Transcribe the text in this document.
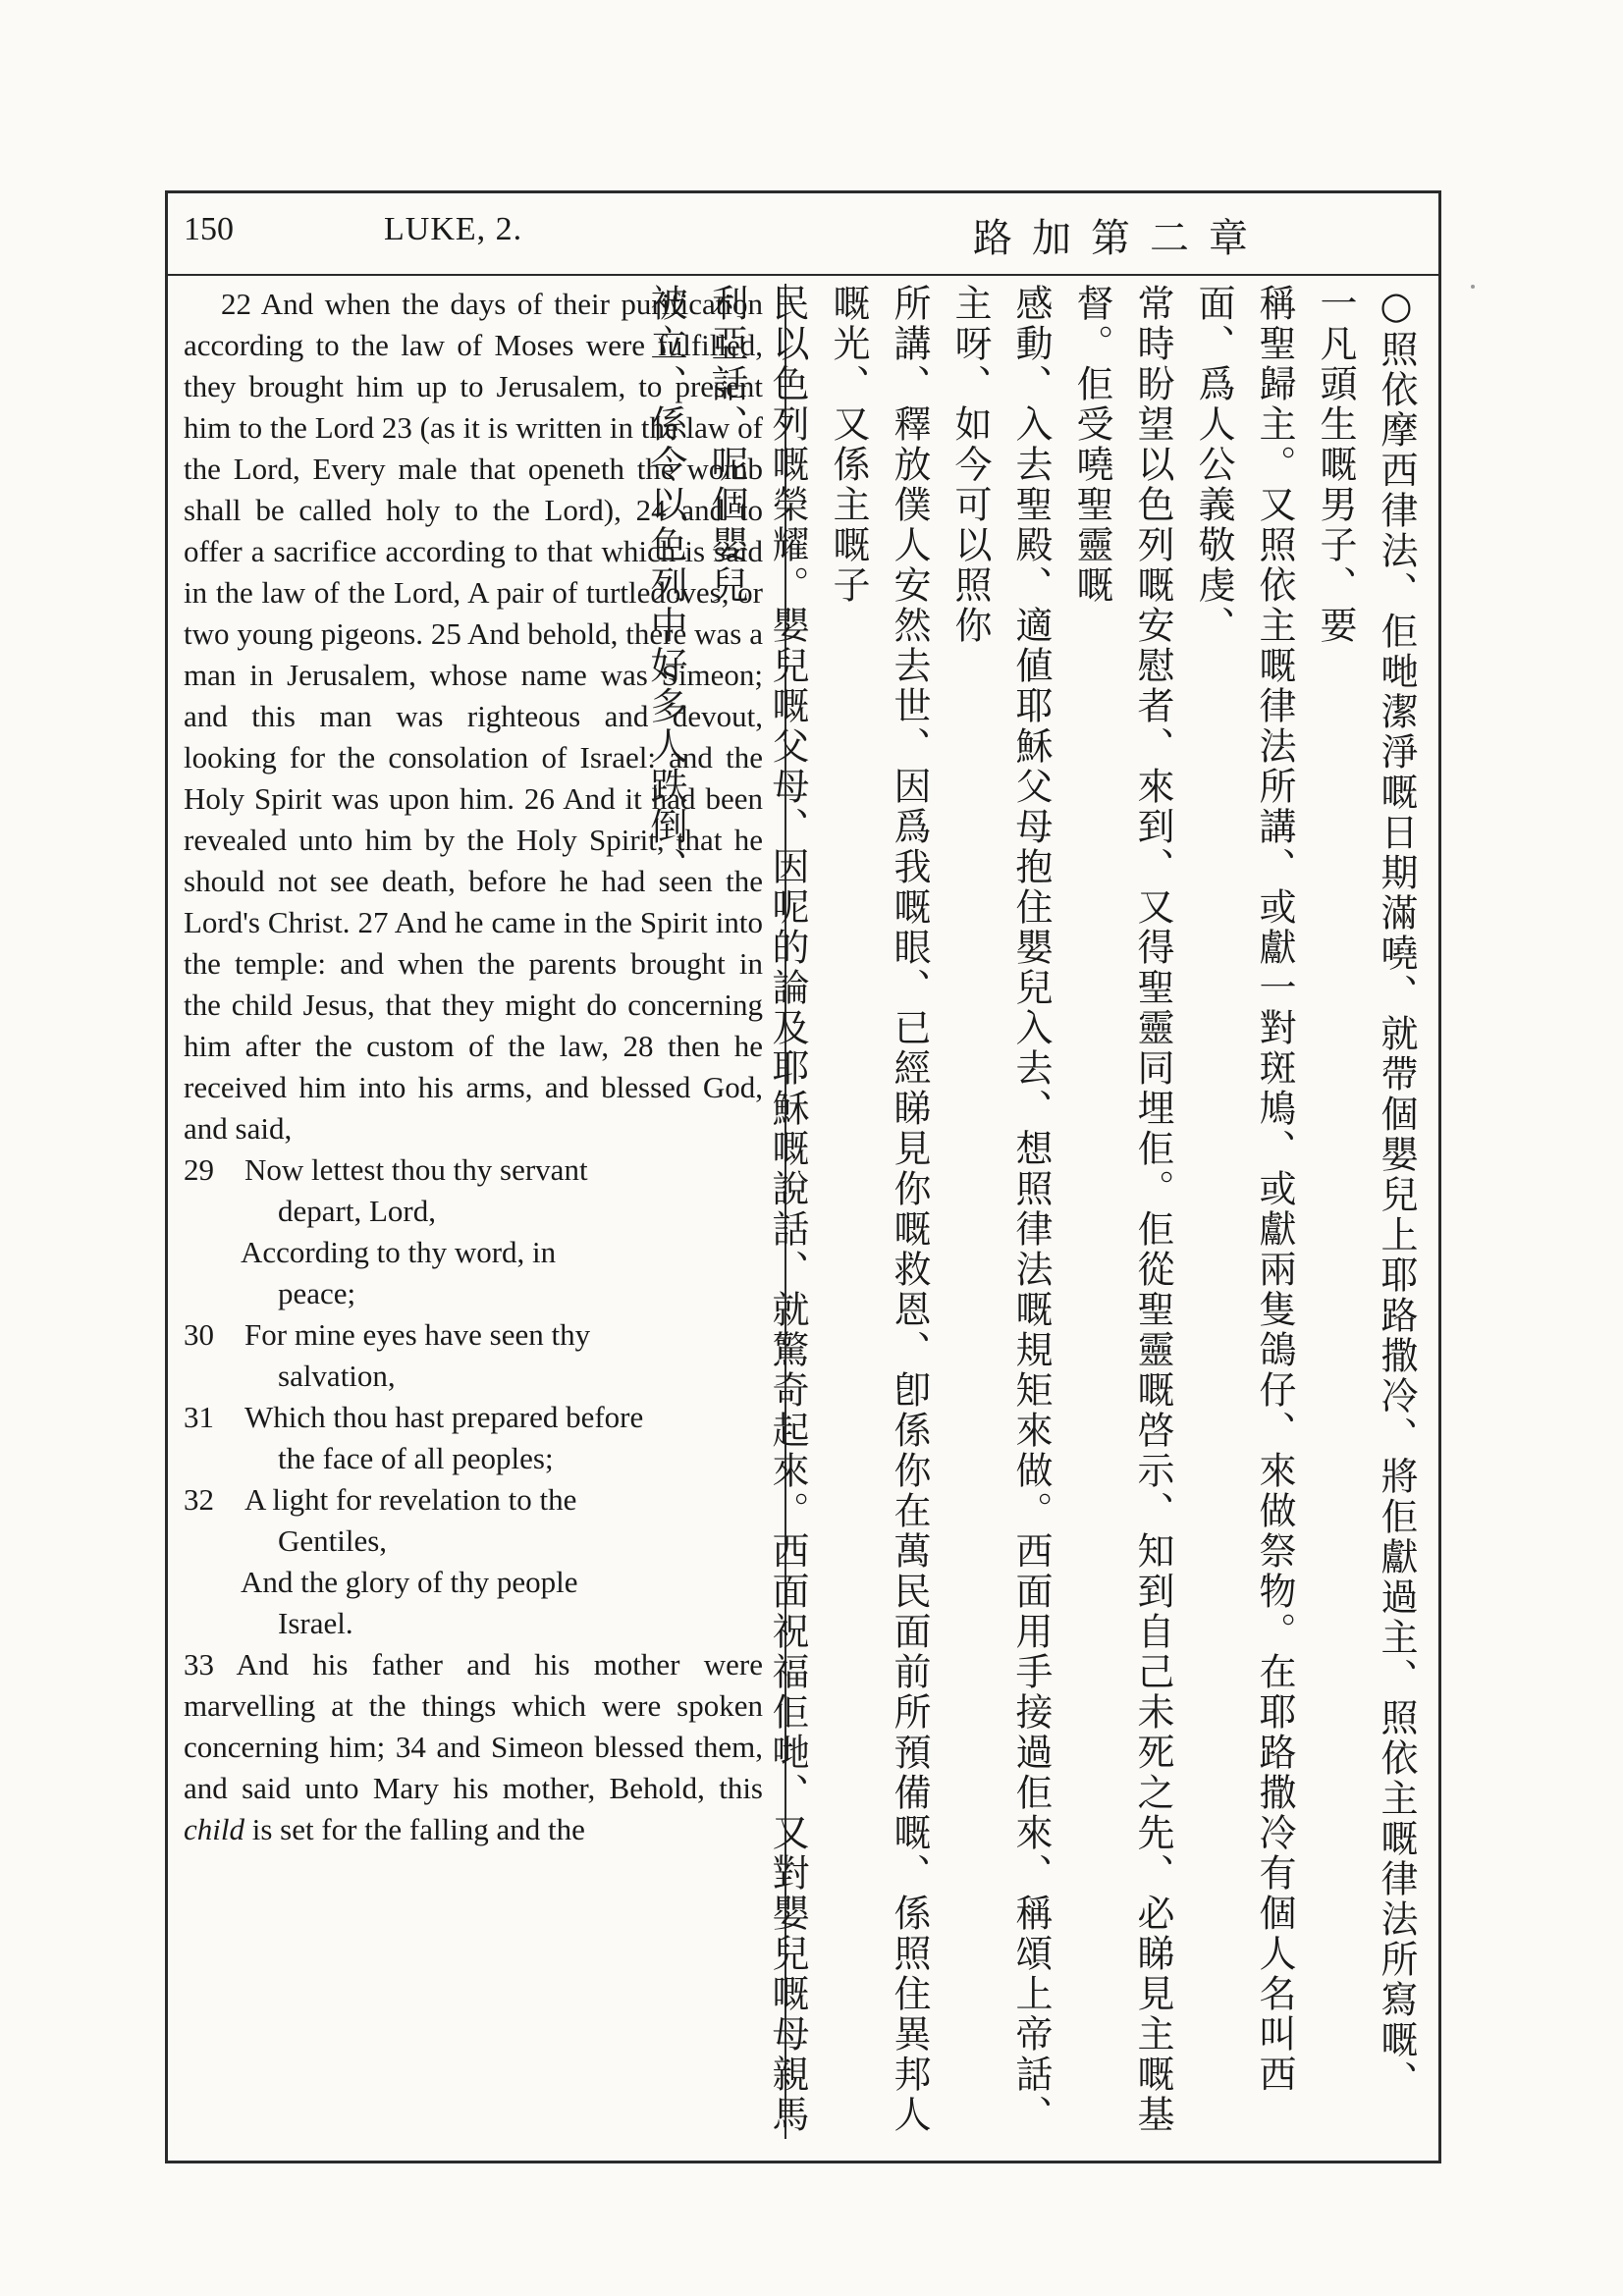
150	LUKE, 2.	路加第二章

22 And when the days of their purification according to the law of Moses were fulfilled, they brought him up to Jerusalem, to present him to the Lord 23 (as it is written in the law of the Lord, Every male that openeth the womb shall be called holy to the Lord), 24 and to offer a sacrifice according to that which is said in the law of the Lord, A pair of turtledoves, or two young pigeons. 25 And behold, there was a man in Jerusalem, whose name was Simeon; and this man was righteous and devout, looking for the consolation of Israel: and the Holy Spirit was upon him. 26 And it had been revealed unto him by the Holy Spirit, that he should not see death, before he had seen the Lord's Christ. 27 And he came in the Spirit into the temple: and when the parents brought in the child Jesus, that they might do concerning him after the custom of the law, 28 then he received him into his arms, and blessed God, and said,

29	Now lettest thou thy servant
depart, Lord,
According to thy word, in
peace;
30	For mine eyes have seen thy
salvation,
31	Which thou hast prepared before
the face of all peoples;
32	A light for revelation to the
Gentiles,
And the glory of thy people
Israel.

33 And his father and his mother were marvelling at the things which were spoken concerning him; 34 and Simeon blessed them, and said unto Mary his mother, Behold, this child is set for the falling and the	○照依摩西律法、佢哋潔淨嘅日期滿嘵、就帶個嬰兒上耶路撒冷、將佢獻過主、照依主嘅律法所寫嘅、一凡頭生嘅男子、要

稱聖歸主。又照依主嘅律法所講、或獻一對斑鳩、或獻兩隻鴿仔、來做祭物。在耶路撒冷有個人名叫西面、爲人公義敬虔、

常時盼望以色列嘅安慰者、來到、又得聖靈同埋佢。佢從聖靈嘅啓示、知到自己未死之先、必睇見主嘅基督。佢受嘵聖靈嘅

感動、入去聖殿、適値耶穌父母抱住嬰兒入去、想照律法嘅規矩來做。西面用手接過佢來、稱頌上帝話、主呀、如今可以照你

所講、釋放僕人安然去世、因爲我嘅眼、已經睇見你嘅救恩、卽係你在萬民面前所預備嘅、係照住異邦人嘅光、又係主嘅子

民以色列嘅榮耀。嬰兒嘅父母、因呢的論及耶穌嘅說話、就驚奇起來。西面祝福佢哋、又對嬰兒嘅母親馬利亞話、呢個嬰兒

被立、係令以色列中好多人跌倒、
